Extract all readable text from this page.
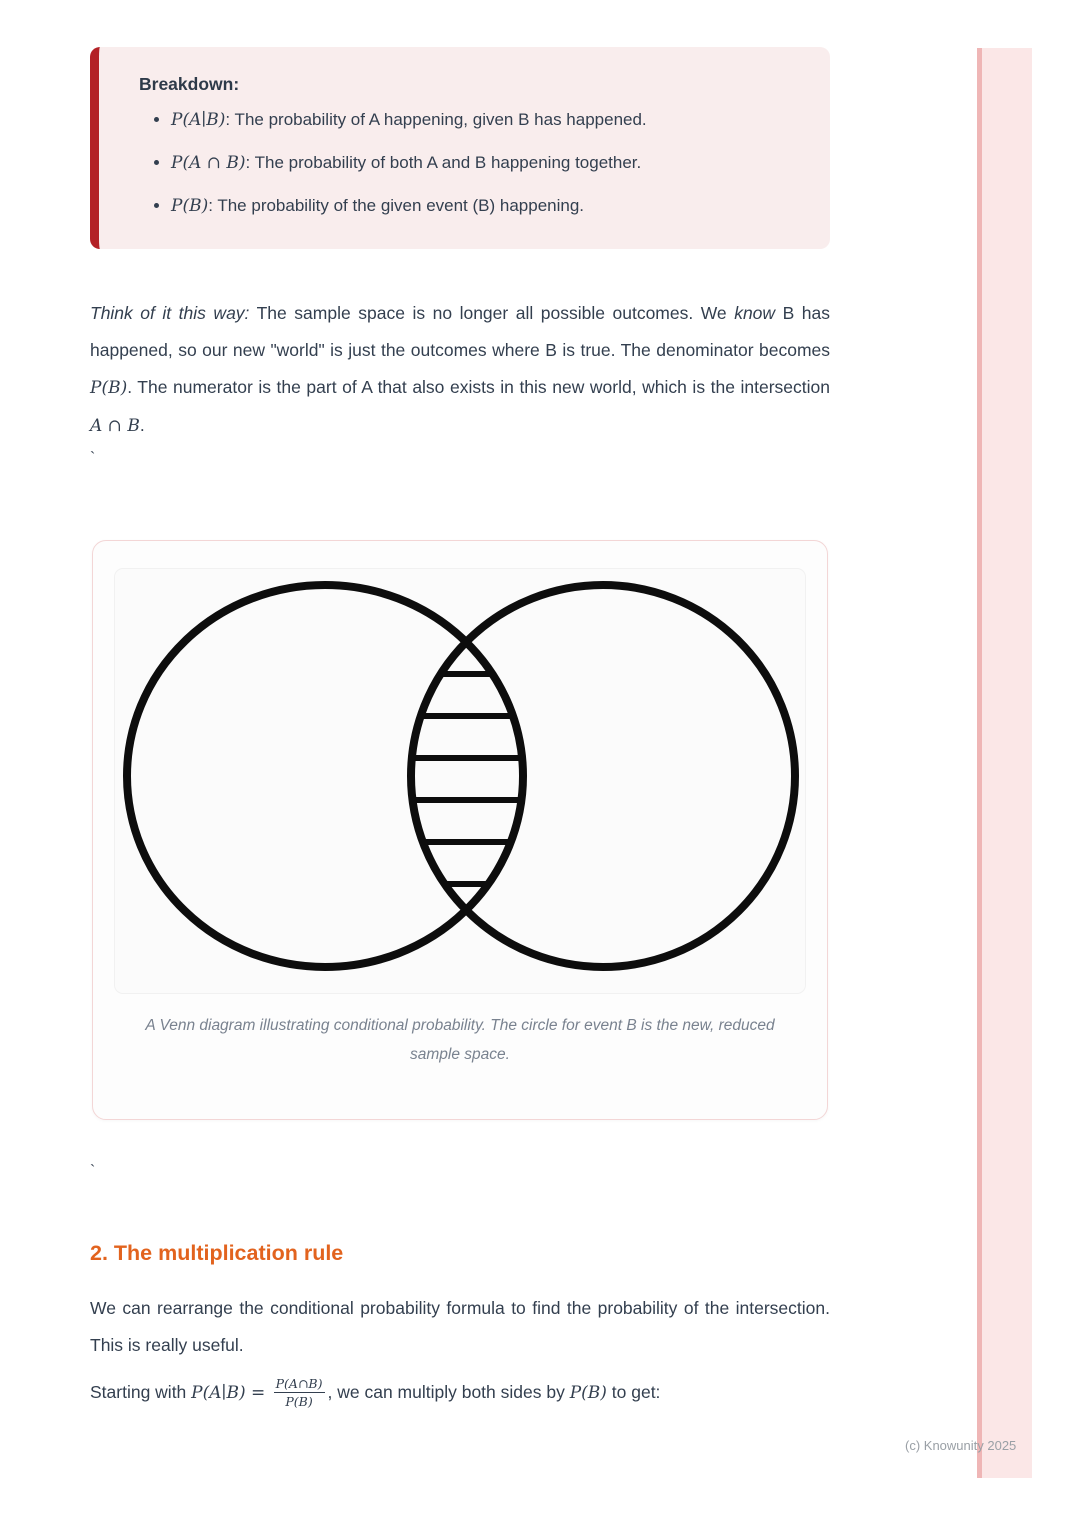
(c) Knowunity 2025
Breakdown:
• P(A∣B): The probability of A happening, given B has happened.
• P(A ∩ B): The probability of both A and B happening together.
• P(B): The probability of the given event (B) happening.
Think of it this way: The sample space is no longer all possible outcomes. We know B has happened, so our new "world" is just the outcomes where B is true. The denominator becomes P(B). The numerator is the part of A that also exists in this new world, which is the intersection A ∩ B.
`
A Venn diagram illustrating conditional probability. The circle for event B is the new, reduced sample space.
`
2. The multiplication rule
We can rearrange the conditional probability formula to find the probability of the intersection. This is really useful.
Starting with P(A∣B) = $\frac{P(A\cap B)}{P(B)}$ , we can multiply both sides by P(B) to get:
